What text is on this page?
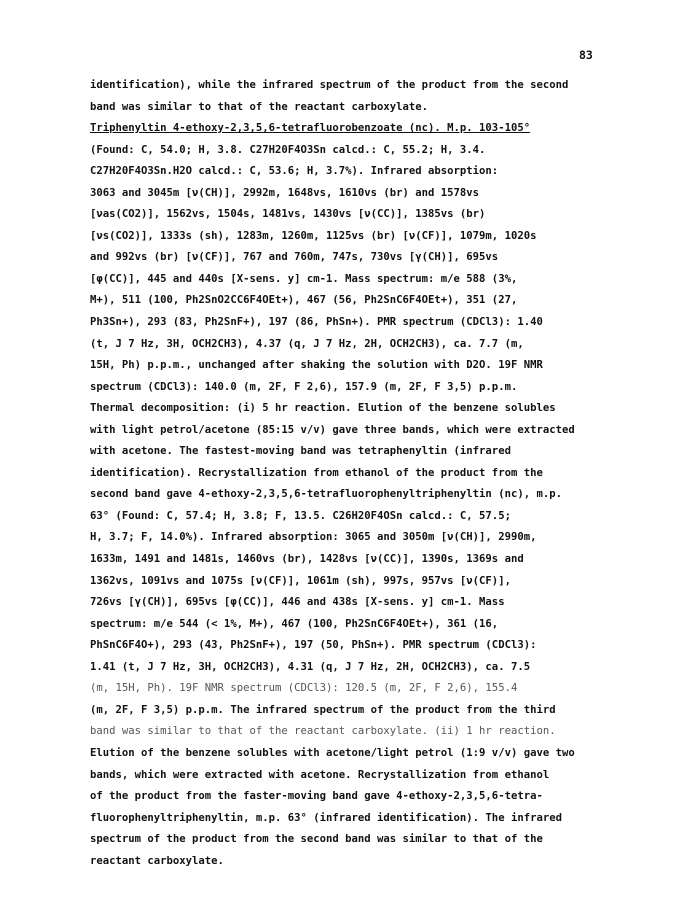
83
identification), while the infrared spectrum of the product from the second
band was similar to that of the reactant carboxylate.
Triphenyltin 4-ethoxy-2,3,5,6-tetrafluorobenzoate (nc). M.p. 103-105°
(Found: C, 54.0; H, 3.8. C27H20F4O3Sn calcd.: C, 55.2; H, 3.4.
C27H20F4O3Sn.H2O calcd.: C, 53.6; H, 3.7%). Infrared absorption:
3063 and 3045m [ν(CH)], 2992m, 1648vs, 1610vs (br) and 1578vs
[νas(CO2)], 1562vs, 1504s, 1481vs, 1430vs [ν(CC)], 1385vs (br)
[νs(CO2)], 1333s (sh), 1283m, 1260m, 1125vs (br) [ν(CF)], 1079m, 1020s
and 992vs (br) [ν(CF)], 767 and 760m, 747s, 730vs [γ(CH)], 695vs
[φ(CC)], 445 and 440s [X-sens. y] cm-1. Mass spectrum: m/e 588 (3%,
M+), 511 (100, Ph2SnO2CC6F4OEt+), 467 (56, Ph2SnC6F4OEt+), 351 (27,
Ph3Sn+), 293 (83, Ph2SnF+), 197 (86, PhSn+). PMR spectrum (CDCl3): 1.40
(t, J 7 Hz, 3H, OCH2CH3), 4.37 (q, J 7 Hz, 2H, OCH2CH3), ca. 7.7 (m,
15H, Ph) p.p.m., unchanged after shaking the solution with D2O. 19F NMR
spectrum (CDCl3): 140.0 (m, 2F, F 2,6), 157.9 (m, 2F, F 3,5) p.p.m.
Thermal decomposition: (i) 5 hr reaction. Elution of the benzene solubles
with light petrol/acetone (85:15 v/v) gave three bands, which were extracted
with acetone. The fastest-moving band was tetraphenyltin (infrared
identification). Recrystallization from ethanol of the product from the
second band gave 4-ethoxy-2,3,5,6-tetrafluorophenyltriphenyltin (nc), m.p.
63° (Found: C, 57.4; H, 3.8; F, 13.5. C26H20F4OSn calcd.: C, 57.5;
H, 3.7; F, 14.0%). Infrared absorption: 3065 and 3050m [ν(CH)], 2990m,
1633m, 1491 and 1481s, 1460vs (br), 1428vs [ν(CC)], 1390s, 1369s and
1362vs, 1091vs and 1075s [ν(CF)], 1061m (sh), 997s, 957vs [ν(CF)],
726vs [γ(CH)], 695vs [φ(CC)], 446 and 438s [X-sens. y] cm-1. Mass
spectrum: m/e 544 (< 1%, M+), 467 (100, Ph2SnC6F4OEt+), 361 (16,
PhSnC6F4O+), 293 (43, Ph2SnF+), 197 (50, PhSn+). PMR spectrum (CDCl3):
1.41 (t, J 7 Hz, 3H, OCH2CH3), 4.31 (q, J 7 Hz, 2H, OCH2CH3), ca. 7.5
(m, 15H, Ph). 19F NMR spectrum (CDCl3): 120.5 (m, 2F, F 2,6), 155.4
(m, 2F, F 3,5) p.p.m. The infrared spectrum of the product from the third
band was similar to that of the reactant carboxylate. (ii) 1 hr reaction.
Elution of the benzene solubles with acetone/light petrol (1:9 v/v) gave two
bands, which were extracted with acetone. Recrystallization from ethanol
of the product from the faster-moving band gave 4-ethoxy-2,3,5,6-tetra-
fluorophenyltriphenyltin, m.p. 63° (infrared identification). The infrared
spectrum of the product from the second band was similar to that of the
reactant carboxylate.
